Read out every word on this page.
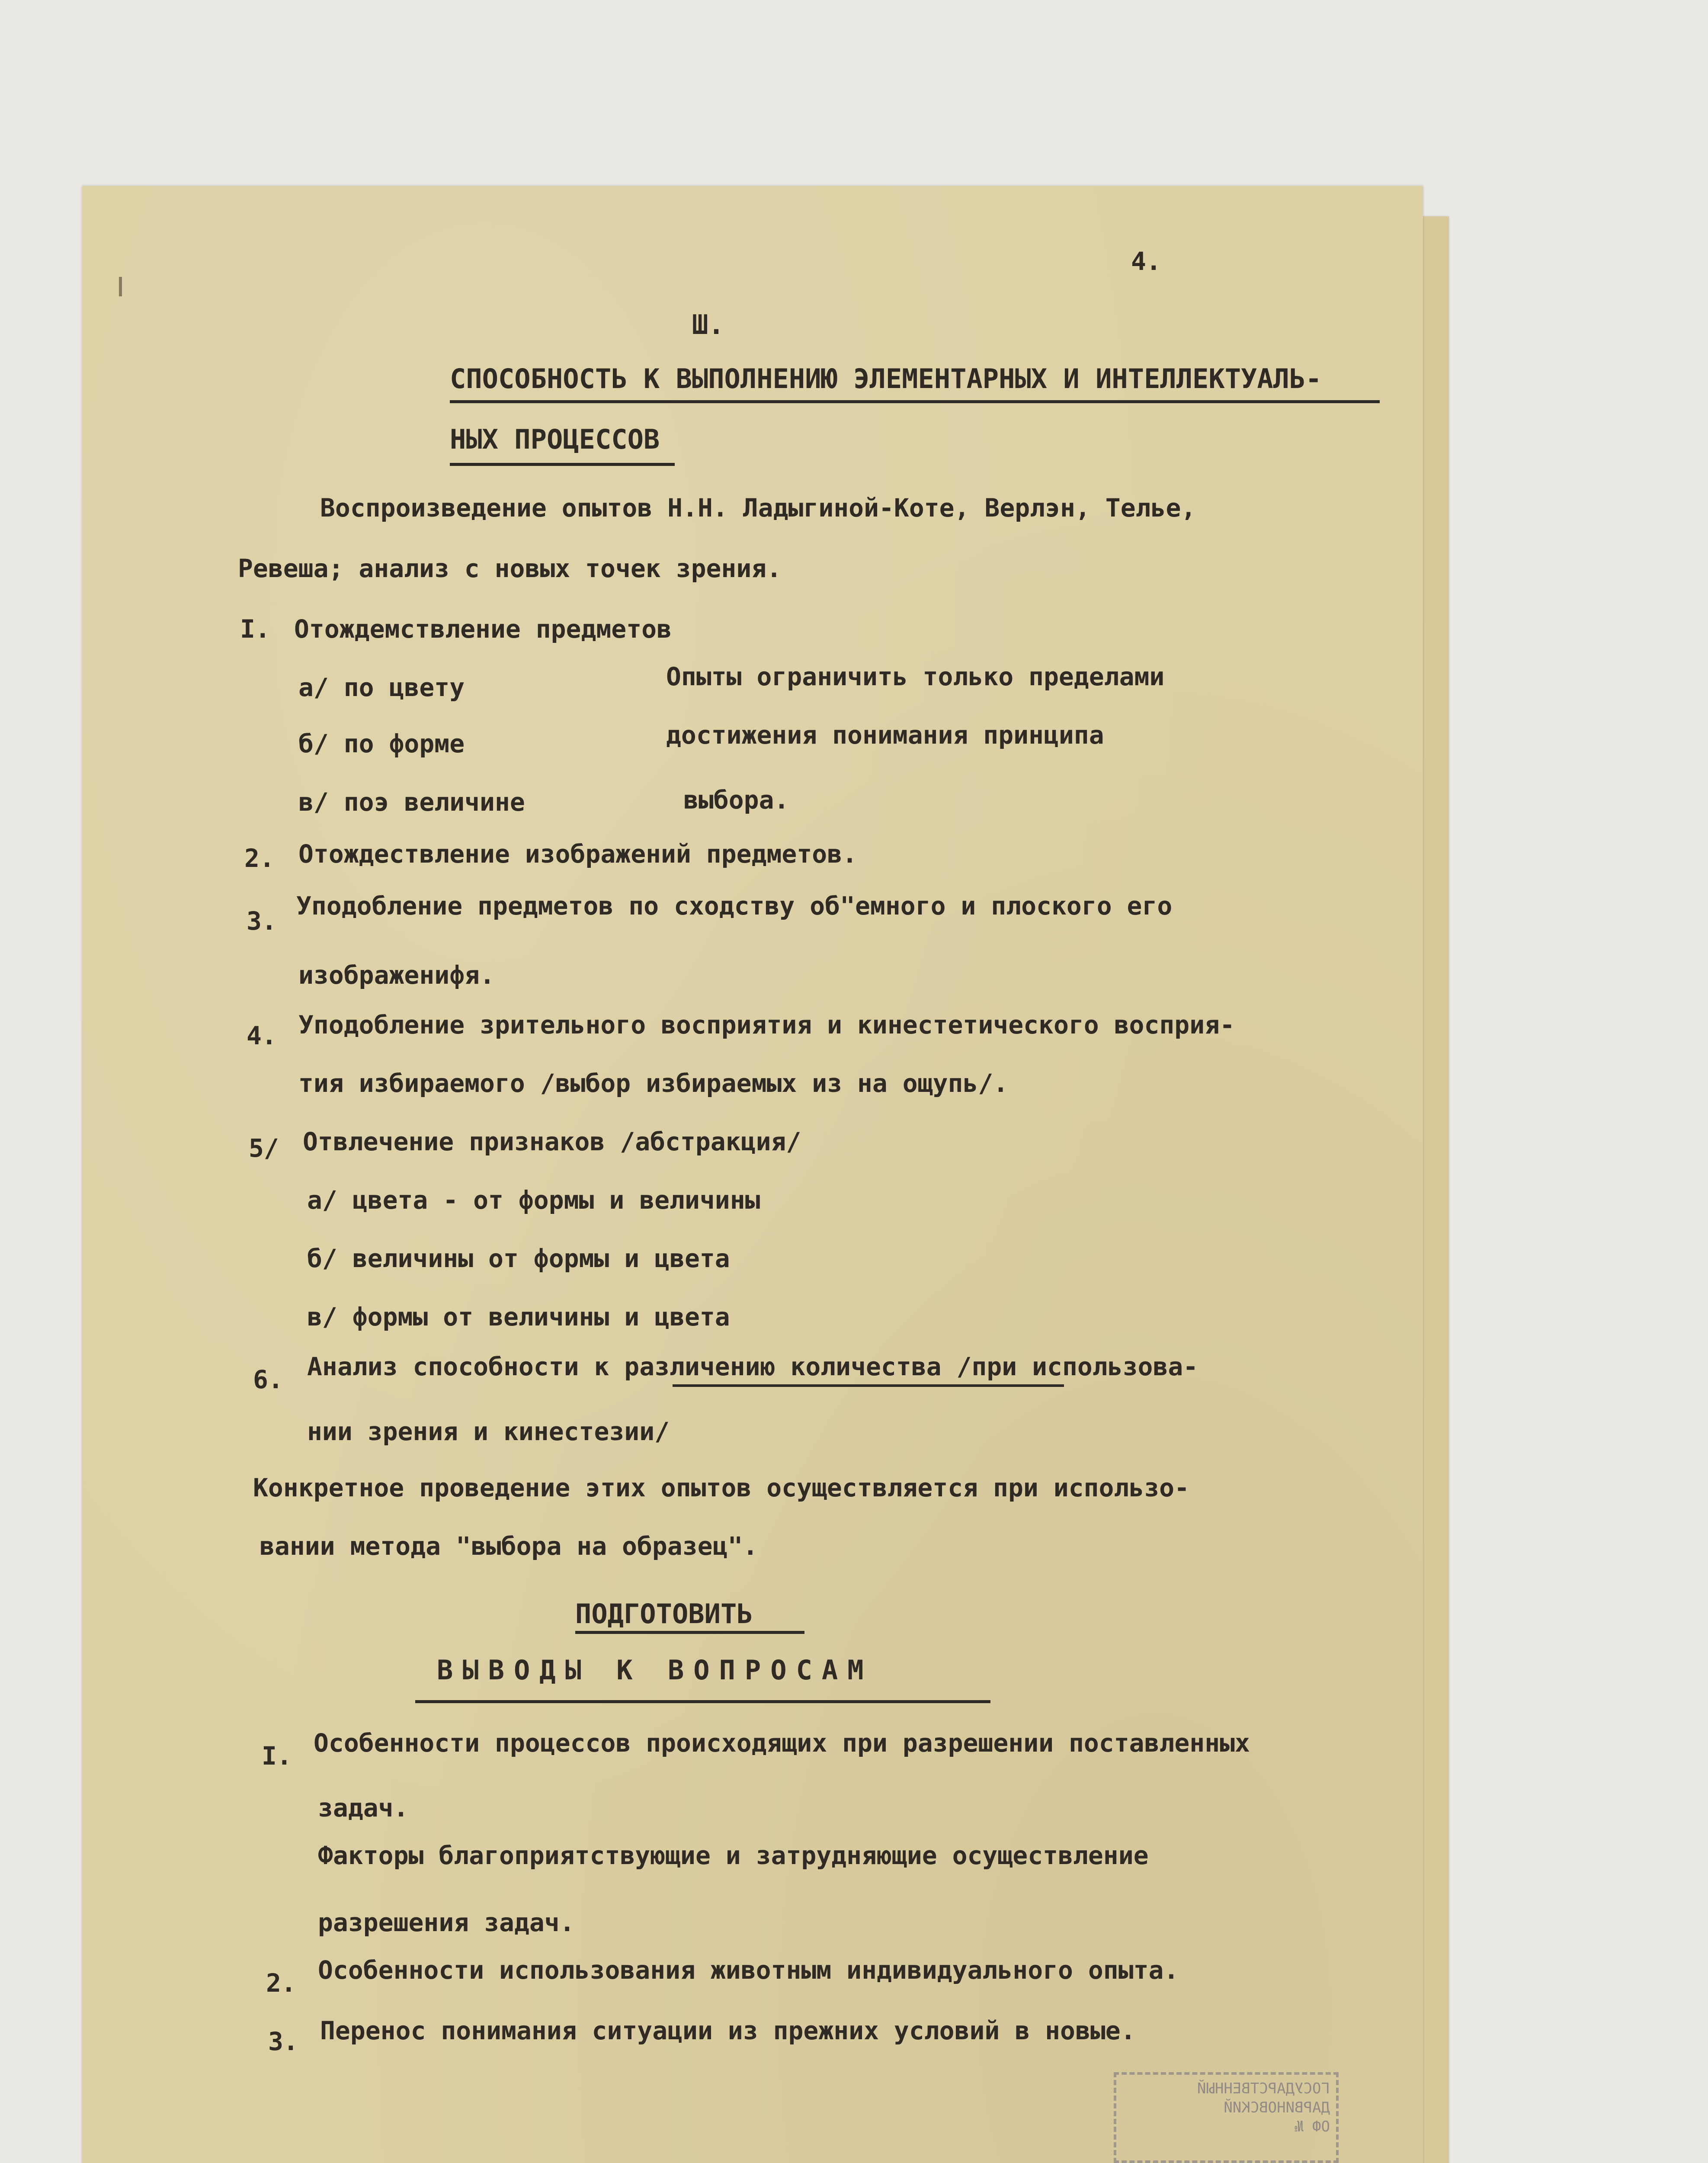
4.

Ш.

СПОСОБНОСТЬ К ВЫПОЛНЕНИЮ ЭЛЕМЕНТАРНЫХ И ИНТЕЛЛЕКТУАЛЬ-

НЫХ ПРОЦЕССОВ

Воспроизведение опытов Н.Н. Ладыгиной-Коте, Верлэн, Телье,

Ревеша; анализ с новых точек зрения.

I. Отождемствление предметов

а/ по цвету

б/ по форме

в/ поэ величине

Опыты ограничить только пределами

достижения понимания принципа

выбора.

2. Отождествление изображений предметов.

3.

Уподобление предметов по сходству об"емного и плоского его

изображенифя.

4. Уподобление зрительного восприятия и кинестетического восприя-

тия избираемого /выбор избираемых из на ощупь/.

5/ Отвлечение признаков /абстракция/

а/ цвета - от формы и величины

б/ величины от формы и цвета

в/ формы от величины и цвета

6. Анализ способности к различению количества /при использова-

нии зрения и кинестезии/

Конкретное проведение этих опытов осуществляется при использо-

вании метода "выбора на образец".

ПОДГОТОВИТЬ

ВЫВОДЫ К ВОПРОСАМ

I. Особенности процессов происходящих при разрешении поставленных

задач.

Факторы благоприятствующие и затрудняющие осуществление

разрешения задач.

2. Особенности использования животным индивидуального опыта.

3. Перенос понимания ситуации из прежних условий в новые.

ГОСУДАРСТВЕННЫЙ
ДАРВИНОВСКИЙ
ОФ №
